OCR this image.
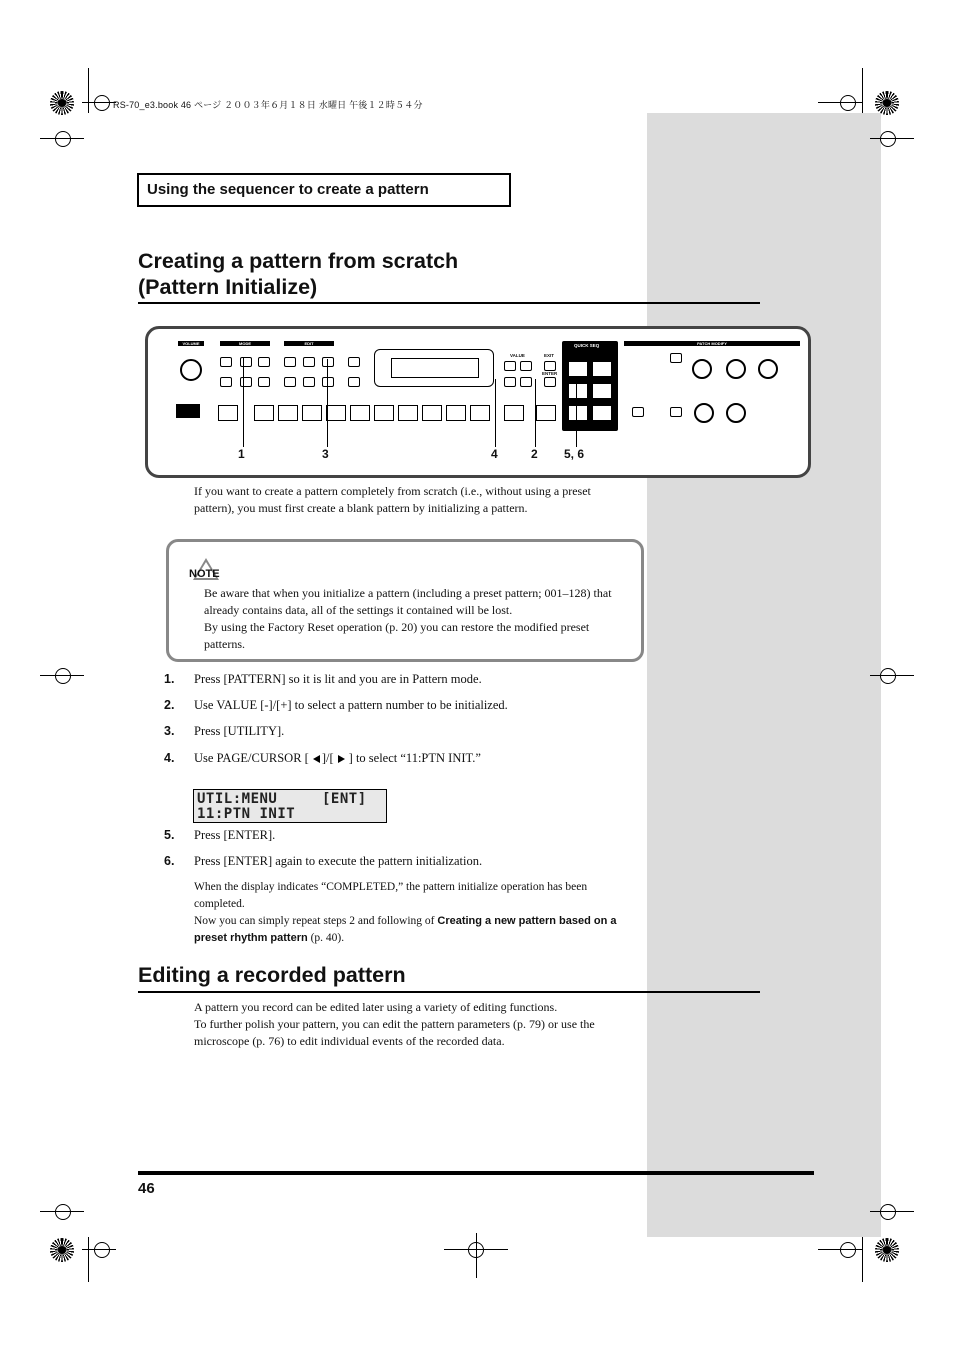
RS-70_e3.book 46 ページ ２００３年６月１８日 水曜日 午後１２時５４分
Using the sequencer to create a pattern
Creating a pattern from scratch
(Pattern Initialize)
VOLUME	MODE	EDIT
VALUE	EXIT
ENTER
QUICK SEQ	PATCH MODIFY
1	3	4	2 5, 6
If you want to create a pattern completely from scratch (i.e., without using a preset pattern), you must first create a blank pattern by initializing a pattern.
NOTE
Be aware that when you initialize a pattern (including a preset pattern; 001–128) that already contains data, all of the settings it contained will be lost.
By using the Factory Reset operation (p. 20) you can restore the modified preset patterns.
1. Press [PATTERN] so it is lit and you are in Pattern mode.
2. Use VALUE [-]/[+] to select a pattern number to be initialized.
3. Press [UTILITY].
4. Use PAGE/CURSOR [ ]/[ ] to select “11:PTN INIT.”
UTIL:MENU     [ENT]
11:PTN INIT
5. Press [ENTER].
6. Press [ENTER] again to execute the pattern initialization.
When the display indicates “COMPLETED,” the pattern initialize operation has been completed.
Now you can simply repeat steps 2 and following of Creating a new pattern based on a preset rhythm pattern (p. 40).
Editing a recorded pattern
A pattern you record can be edited later using a variety of editing functions.
To further polish your pattern, you can edit the pattern parameters (p. 79) or use the microscope (p. 76) to edit individual events of the recorded data.
46
